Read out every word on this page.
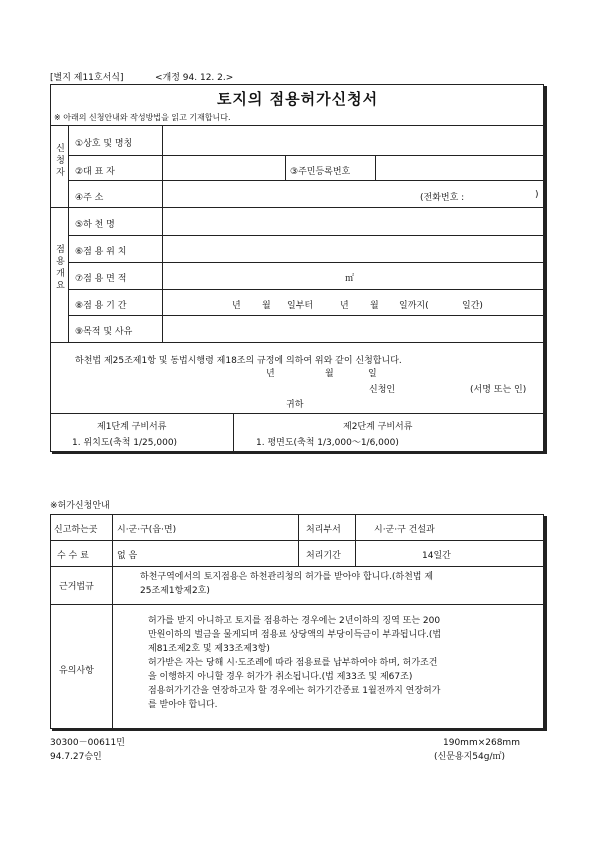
[별지 제11호서식]	<개정 94. 12. 2.>
토지의 점용허가신청서
※ 아래의 신청안내와 작성방법을 읽고 기재합니다.
신청자
점용개요
①상호 및 명칭
②대 표 자	③주민등록번호
④주 소	(전화번호 :	)
⑤하 천 명
⑥점 용 위 치
⑦점 용 면 적	㎡
⑧점 용 기 간	년 월 일부터	년 월 일까지(	일간)
⑨목적 및 사유
하천법 제25조제1항 및 동법시행령 제18조의 규정에 의하여 위와 같이 신청합니다.
년	월	일
신청인	(서명 또는 인)
귀하
제1단계 구비서류
1. 위치도(축척 1/25,000)
제2단계 구비서류
1. 평면도(축척 1/3,000～1/6,000)
※허가신청안내
신고하는곳 시·군·구(읍·면)	처리부서	시·군·구 건설과
수 수 료	없 음	처리기간	14일간
근거법규
하천구역에서의 토지점용은 하천관리청의 허가를 받아야 합니다.(하천법 제
25조제1항제2호)
유의사항
허가를 받지 아니하고 토지를 점용하는 경우에는 2년이하의 징역 또는 200
만원이하의 벌금을 물게되며 점용료 상당액의 부당이득금이 부과됩니다.(법
제81조제2호 및 제33조제3항)
허가받은 자는 당해 시·도조례에 따라 점용료를 납부하여야 하며, 허가조건
을 이행하지 아니할 경우 허가가 취소됩니다.(법 제33조 및 제67조)
점용허가기간을 연장하고자 할 경우에는 허가기간종료 1월전까지 연장허가
를 받아야 합니다.
30300－00611민
94.7.27승인
190mm×268mm
(신문용지54g/㎡)
